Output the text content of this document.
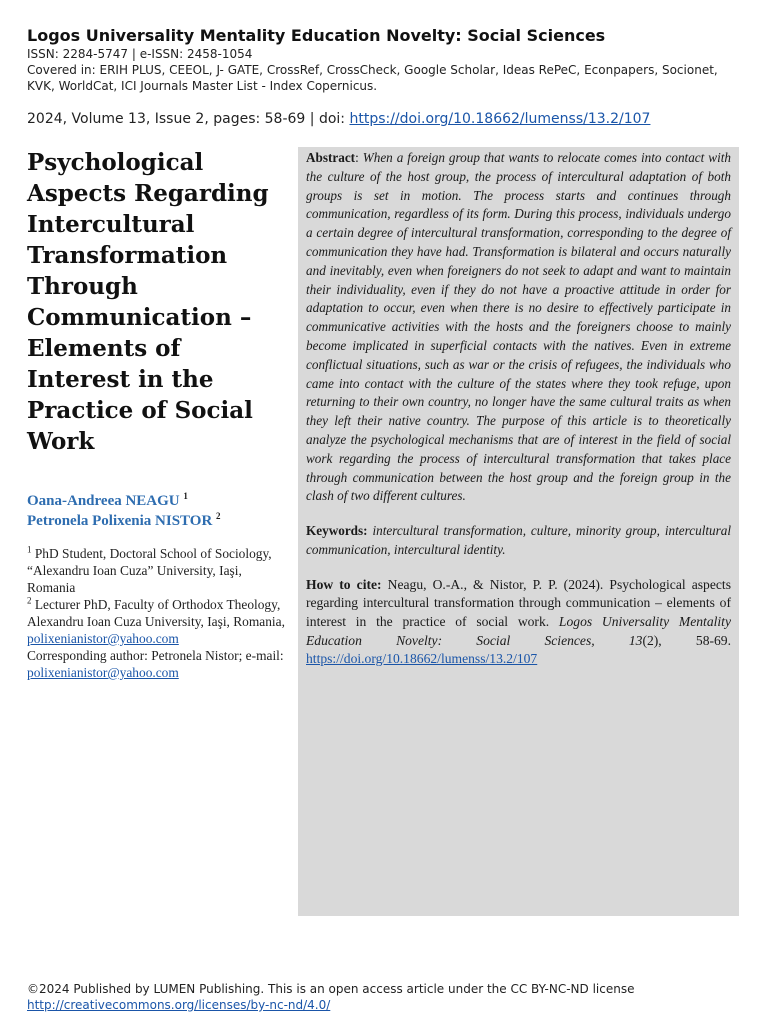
Logos Universality Mentality Education Novelty: Social Sciences
ISSN: 2284-5747 | e-ISSN: 2458-1054
Covered in: ERIH PLUS, CEEOL, J- GATE, CrossRef, CrossCheck, Google Scholar, Ideas RePeC, Econpapers, Socionet, KVK, WorldCat, ICI Journals Master List - Index Copernicus.
2024, Volume 13, Issue 2, pages: 58-69 | doi: https://doi.org/10.18662/lumenss/13.2/107
Psychological Aspects Regarding Intercultural Transformation Through Communication – Elements of Interest in the Practice of Social Work
Oana-Andreea NEAGU $^1$
Petronela Polixenia NISTOR $^2$
$^1$ PhD Student, Doctoral School of Sociology, “Alexandru Ioan Cuza” University, Iaşi, Romania
$^2$ Lecturer PhD, Faculty of Orthodox Theology, Alexandru Ioan Cuza University, Iaşi, Romania, polixenianistor@yahoo.com
Corresponding author: Petronela Nistor; e-mail: polixenianistor@yahoo.com

Abstract: When a foreign group that wants to relocate comes into contact with the culture of the host group, the process of intercultural adaptation of both groups is set in motion. The process starts and continues through communication, regardless of its form. During this process, individuals undergo a certain degree of intercultural transformation, corresponding to the degree of communication they have had. Transformation is bilateral and occurs naturally and inevitably, even when foreigners do not seek to adapt and want to maintain their individuality, even if they do not have a proactive attitude in order for adaptation to occur, even when there is no desire to effectively participate in communicative activities with the hosts and the foreigners choose to mainly become implicated in superficial contacts with the natives. Even in extreme conflictual situations, such as war or the crisis of refugees, the individuals who came into contact with the culture of the states where they took refuge, upon returning to their own country, no longer have the same cultural traits as when they left their native country. The purpose of this article is to theoretically analyze the psychological mechanisms that are of interest in the field of social work regarding the process of intercultural transformation that takes place through communication between the host group and the foreign group in the clash of two different cultures.

Keywords: intercultural transformation, culture, minority group, intercultural communication, intercultural identity.

How to cite: Neagu, O.-A., & Nistor, P. P. (2024). Psychological aspects regarding intercultural transformation through communication – elements of interest in the practice of social work. Logos Universality Mentality Education Novelty: Social Sciences, 13(2), 58-69. https://doi.org/10.18662/lumenss/13.2/107

©2024 Published by LUMEN Publishing. This is an open access article under the CC BY-NC-ND license
http://creativecommons.org/licenses/by-nc-nd/4.0/
